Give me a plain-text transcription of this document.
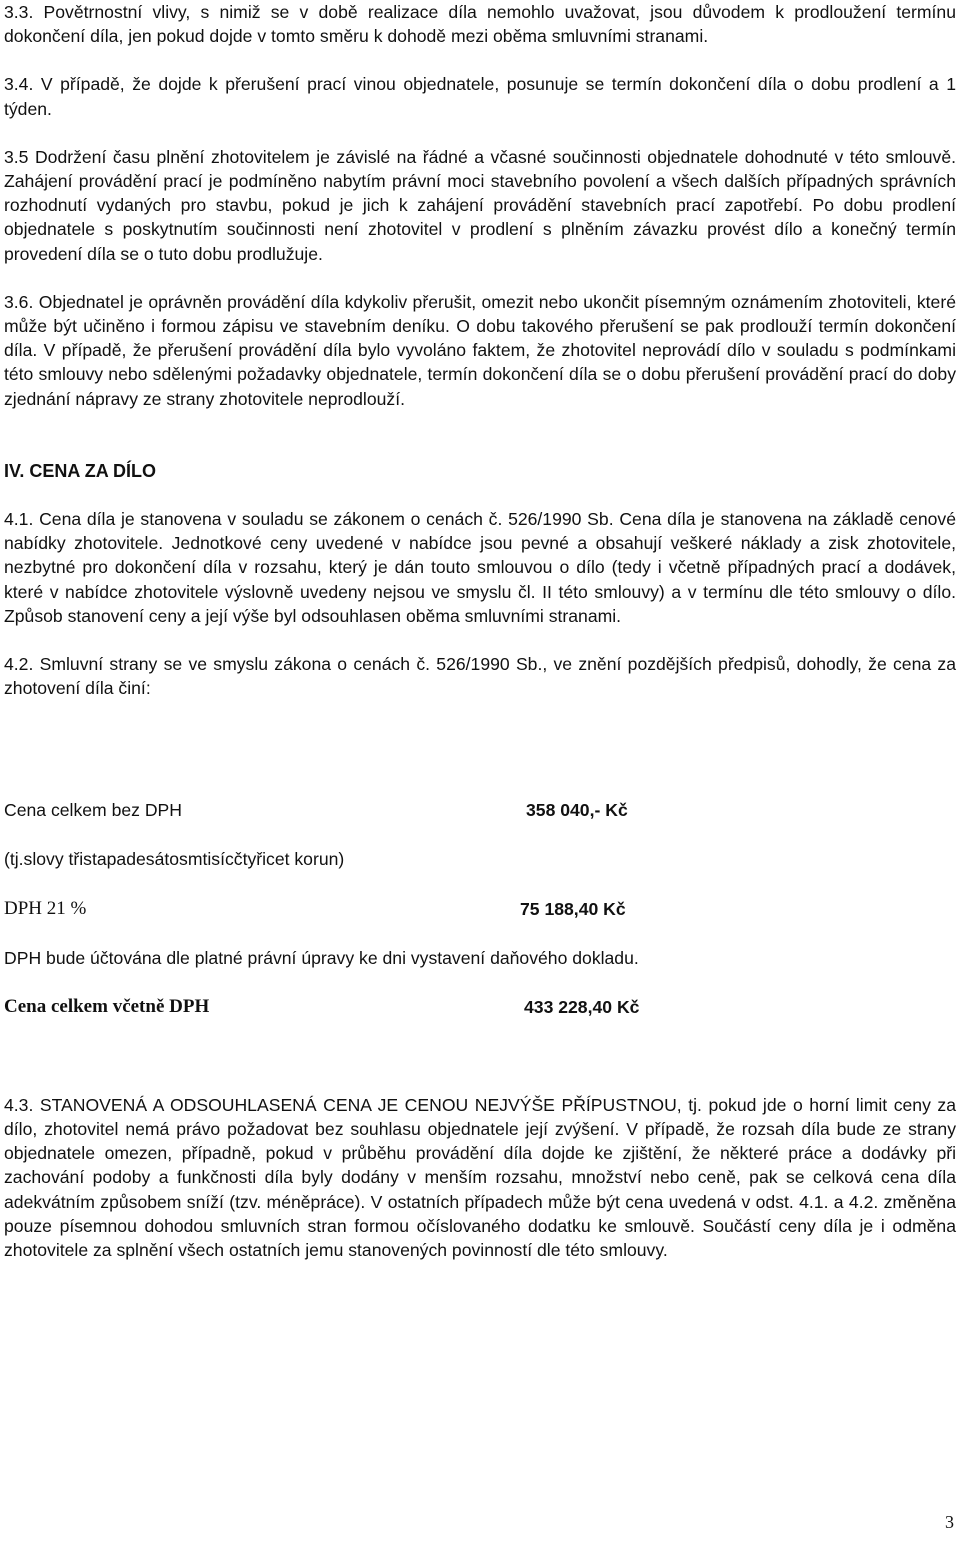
3.3. Povětrnostní vlivy, s nimiž se v době realizace díla nemohlo uvažovat, jsou důvodem k prodloužení termínu dokončení díla, jen pokud dojde v tomto směru k dohodě mezi oběma smluvními stranami.

3.4. V případě, že dojde k přerušení prací vinou objednatele, posunuje se termín dokončení díla o dobu prodlení a 1 týden.

3.5 Dodržení času plnění zhotovitelem je závislé na řádné a včasné součinnosti objednatele dohodnuté v této smlouvě. Zahájení provádění prací je podmíněno nabytím právní moci stavebního povolení a všech dalších případných správních rozhodnutí vydaných pro stavbu, pokud je jich k zahájení provádění stavebních prací zapotřebí. Po dobu prodlení objednatele s poskytnutím součinnosti není zhotovitel v prodlení s plněním závazku provést dílo a konečný termín provedení díla se o tuto dobu prodlužuje.

3.6. Objednatel je oprávněn provádění díla kdykoliv přerušit, omezit nebo ukončit písemným oznámením zhotoviteli, které může být učiněno i formou zápisu ve stavebním deníku. O dobu takového přerušení se pak prodlouží termín dokončení díla. V případě, že přerušení provádění díla bylo vyvoláno faktem, že zhotovitel neprovádí dílo v souladu s podmínkami této smlouvy nebo sdělenými požadavky objednatele, termín dokončení díla se o dobu přerušení provádění prací do doby zjednání nápravy ze strany zhotovitele neprodlouží.

IV. CENA ZA DÍLO

4.1. Cena díla je stanovena v souladu se zákonem o cenách č. 526/1990 Sb. Cena díla je stanovena na základě cenové nabídky zhotovitele. Jednotkové ceny uvedené v nabídce jsou pevné a obsahují veškeré náklady a zisk zhotovitele, nezbytné pro dokončení díla v rozsahu, který je dán touto smlouvou o dílo (tedy i včetně případných prací a dodávek, které v nabídce zhotovitele výslovně uvedeny nejsou ve smyslu čl. II této smlouvy) a v termínu dle této smlouvy o dílo. Způsob stanovení ceny a její výše byl odsouhlasen oběma smluvními stranami.

4.2. Smluvní strany se ve smyslu zákona o cenách č. 526/1990 Sb., ve znění pozdějších předpisů, dohodly, že cena za zhotovení díla činí:

Cena celkem bez DPH	358 040,- Kč

(tj.slovy třistapadesátosmtisícčtyřicet korun)

DPH 21 %	75 188,40 Kč

DPH bude účtována dle platné právní úpravy ke dni vystavení daňového dokladu.

Cena celkem včetně DPH	433 228,40 Kč

4.3. STANOVENÁ A ODSOUHLASENÁ CENA JE CENOU NEJVÝŠE PŘÍPUSTNOU, tj. pokud jde o horní limit ceny za dílo, zhotovitel nemá právo požadovat bez souhlasu objednatele její zvýšení. V případě, že rozsah díla bude ze strany objednatele omezen, případně, pokud v průběhu provádění díla dojde ke zjištění, že některé práce a dodávky při zachování podoby a funkčnosti díla byly dodány v menším rozsahu, množství nebo ceně, pak se celková cena díla adekvátním způsobem sníží (tzv. méněpráce). V ostatních případech může být cena uvedená v odst. 4.1. a 4.2. změněna pouze písemnou dohodou smluvních stran formou očíslovaného dodatku ke smlouvě. Součástí ceny díla je i odměna zhotovitele za splnění všech ostatních jemu stanovených povinností dle této smlouvy.

3
